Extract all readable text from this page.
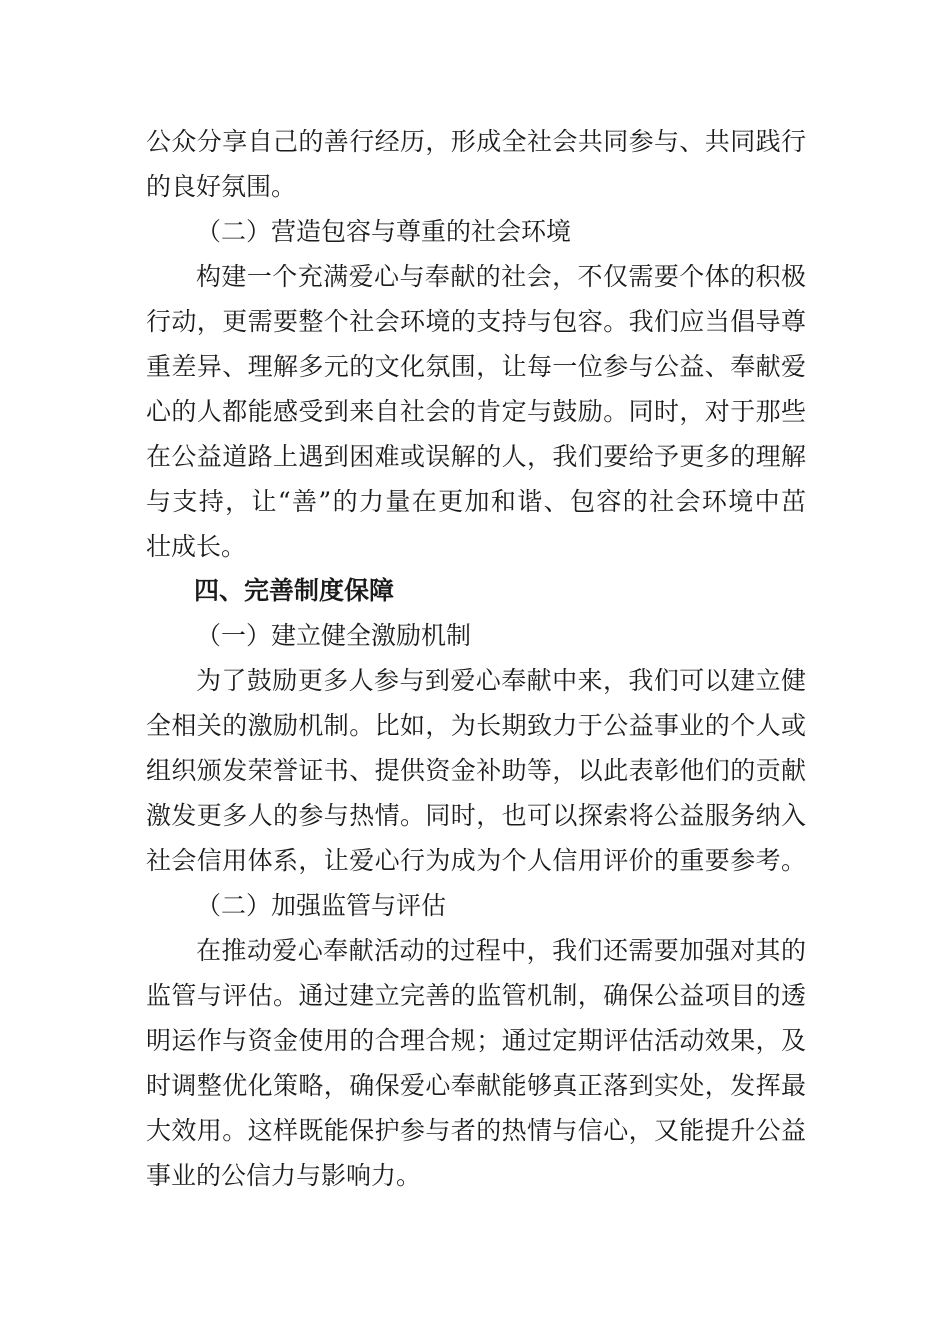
公众分享自己的善行经历，形成全社会共同参与、共同践行
的良好氛围。
（二）营造包容与尊重的社会环境
构建一个充满爱心与奉献的社会，不仅需要个体的积极
行动，更需要整个社会环境的支持与包容。我们应当倡导尊
重差异、理解多元的文化氛围，让每一位参与公益、奉献爱
心的人都能感受到来自社会的肯定与鼓励。同时，对于那些
在公益道路上遇到困难或误解的人，我们要给予更多的理解
与支持，让“善”的力量在更加和谐、包容的社会环境中茁
壮成长。
四、完善制度保障
（一）建立健全激励机制
为了鼓励更多人参与到爱心奉献中来，我们可以建立健
全相关的激励机制。比如，为长期致力于公益事业的个人或
组织颁发荣誉证书、提供资金补助等，以此表彰他们的贡献
激发更多人的参与热情。同时，也可以探索将公益服务纳入
社会信用体系，让爱心行为成为个人信用评价的重要参考。
（二）加强监管与评估
在推动爱心奉献活动的过程中，我们还需要加强对其的
监管与评估。通过建立完善的监管机制，确保公益项目的透
明运作与资金使用的合理合规；通过定期评估活动效果，及
时调整优化策略，确保爱心奉献能够真正落到实处，发挥最
大效用。这样既能保护参与者的热情与信心，又能提升公益
事业的公信力与影响力。
